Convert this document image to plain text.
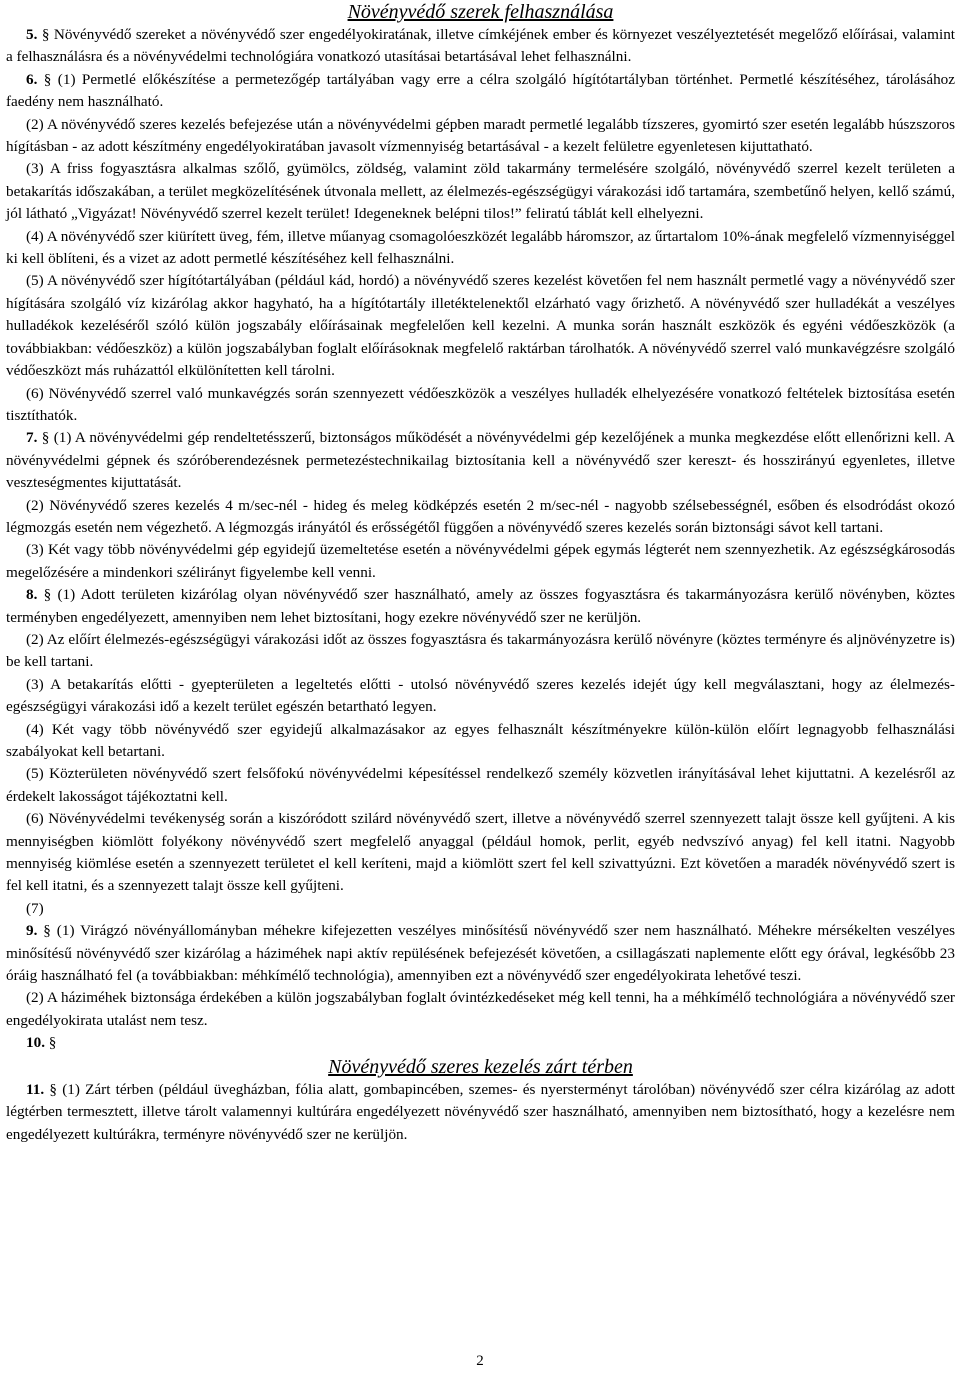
Növényvédő szerek felhasználása

5. § Növényvédő szereket a növényvédő szer engedélyokiratának, illetve címkéjének ember és környezet veszélyeztetését megelőző előírásai, valamint a felhasználásra és a növényvédelmi technológiára vonatkozó utasításai betartásával lehet felhasználni.

6. § (1) Permetlé előkészítése a permetezőgép tartályában vagy erre a célra szolgáló hígítótartályban történhet. Permetlé készítéséhez, tárolásához faedény nem használható.

(2) A növényvédő szeres kezelés befejezése után a növényvédelmi gépben maradt permetlé legalább tízszeres, gyomirtó szer esetén legalább húszszoros hígításban - az adott készítmény engedélyokiratában javasolt vízmennyiség betartásával - a kezelt felületre egyenletesen kijuttatható.

(3) A friss fogyasztásra alkalmas szőlő, gyümölcs, zöldség, valamint zöld takarmány termelésére szolgáló, növényvédő szerrel kezelt területen a betakarítás időszakában, a terület megközelítésének útvonala mellett, az élelmezés-egészségügyi várakozási idő tartamára, szembetűnő helyen, kellő számú, jól látható „Vigyázat! Növényvédő szerrel kezelt terület! Idegeneknek belépni tilos!” feliratú táblát kell elhelyezni.

(4) A növényvédő szer kiürített üveg, fém, illetve műanyag csomagolóeszközét legalább háromszor, az űrtartalom 10%-ának megfelelő vízmennyiséggel ki kell öblíteni, és a vizet az adott permetlé készítéséhez kell felhasználni.

(5) A növényvédő szer hígítótartályában (például kád, hordó) a növényvédő szeres kezelést követően fel nem használt permetlé vagy a növényvédő szer hígítására szolgáló víz kizárólag akkor hagyható, ha a hígítótartály illetéktelenektől elzárható vagy őrizhető. A növényvédő szer hulladékát a veszélyes hulladékok kezeléséről szóló külön jogszabály előírásainak megfelelően kell kezelni. A munka során használt eszközök és egyéni védőeszközök (a továbbiakban: védőeszköz) a külön jogszabályban foglalt előírásoknak megfelelő raktárban tárolhatók. A növényvédő szerrel való munkavégzésre szolgáló védőeszközt más ruházattól elkülönítetten kell tárolni.

(6) Növényvédő szerrel való munkavégzés során szennyezett védőeszközök a veszélyes hulladék elhelyezésére vonatkozó feltételek biztosítása esetén tisztíthatók.

7. § (1) A növényvédelmi gép rendeltetésszerű, biztonságos működését a növényvédelmi gép kezelőjének a munka megkezdése előtt ellenőrizni kell. A növényvédelmi gépnek és szóróberendezésnek permetezéstechnikailag biztosítania kell a növényvédő szer kereszt- és hosszirányú egyenletes, illetve veszteségmentes kijuttatását.

(2) Növényvédő szeres kezelés 4 m/sec-nél - hideg és meleg ködképzés esetén 2 m/sec-nél - nagyobb szélsebességnél, esőben és elsodródást okozó légmozgás esetén nem végezhető. A légmozgás irányától és erősségétől függően a növényvédő szeres kezelés során biztonsági sávot kell tartani.

(3) Két vagy több növényvédelmi gép egyidejű üzemeltetése esetén a növényvédelmi gépek egymás légterét nem szennyezhetik. Az egészségkárosodás megelőzésére a mindenkori szélirányt figyelembe kell venni.

8. § (1) Adott területen kizárólag olyan növényvédő szer használható, amely az összes fogyasztásra és takarmányozásra kerülő növényben, köztes terményben engedélyezett, amennyiben nem lehet biztosítani, hogy ezekre növényvédő szer ne kerüljön.

(2) Az előírt élelmezés-egészségügyi várakozási időt az összes fogyasztásra és takarmányozásra kerülő növényre (köztes terményre és aljnövényzetre is) be kell tartani.

(3) A betakarítás előtti - gyepterületen a legeltetés előtti - utolsó növényvédő szeres kezelés idejét úgy kell megválasztani, hogy az élelmezés-egészségügyi várakozási idő a kezelt terület egészén betartható legyen.

(4) Két vagy több növényvédő szer egyidejű alkalmazásakor az egyes felhasznált készítményekre külön-külön előírt legnagyobb felhasználási szabályokat kell betartani.

(5) Közterületen növényvédő szert felsőfokú növényvédelmi képesítéssel rendelkező személy közvetlen irányításával lehet kijuttatni. A kezelésről az érdekelt lakosságot tájékoztatni kell.

(6) Növényvédelmi tevékenység során a kiszóródott szilárd növényvédő szert, illetve a növényvédő szerrel szennyezett talajt össze kell gyűjteni. A kis mennyiségben kiömlött folyékony növényvédő szert megfelelő anyaggal (például homok, perlit, egyéb nedvszívó anyag) fel kell itatni. Nagyobb mennyiség kiömlése esetén a szennyezett területet el kell keríteni, majd a kiömlött szert fel kell szivattyúzni. Ezt követően a maradék növényvédő szert is fel kell itatni, és a szennyezett talajt össze kell gyűjteni.

(7)

9. § (1) Virágzó növényállományban méhekre kifejezetten veszélyes minősítésű növényvédő szer nem használható. Méhekre mérsékelten veszélyes minősítésű növényvédő szer kizárólag a háziméhek napi aktív repülésének befejezését követően, a csillagászati naplemente előtt egy órával, legkésőbb 23 óráig használható fel (a továbbiakban: méhkímélő technológia), amennyiben ezt a növényvédő szer engedélyokirata lehetővé teszi.

(2) A háziméhek biztonsága érdekében a külön jogszabályban foglalt óvintézkedéseket még kell tenni, ha a méhkímélő technológiára a növényvédő szer engedélyokirata utalást nem tesz.

10. §

Növényvédő szeres kezelés zárt térben

11. § (1) Zárt térben (például üvegházban, fólia alatt, gombapincében, szemes- és nyersterményt tárolóban) növényvédő szer célra kizárólag az adott légtérben termesztett, illetve tárolt valamennyi kultúrára engedélyezett növényvédő szer használható, amennyiben nem biztosítható, hogy a kezelésre nem engedélyezett kultúrákra, terményre növényvédő szer ne kerüljön.

2
